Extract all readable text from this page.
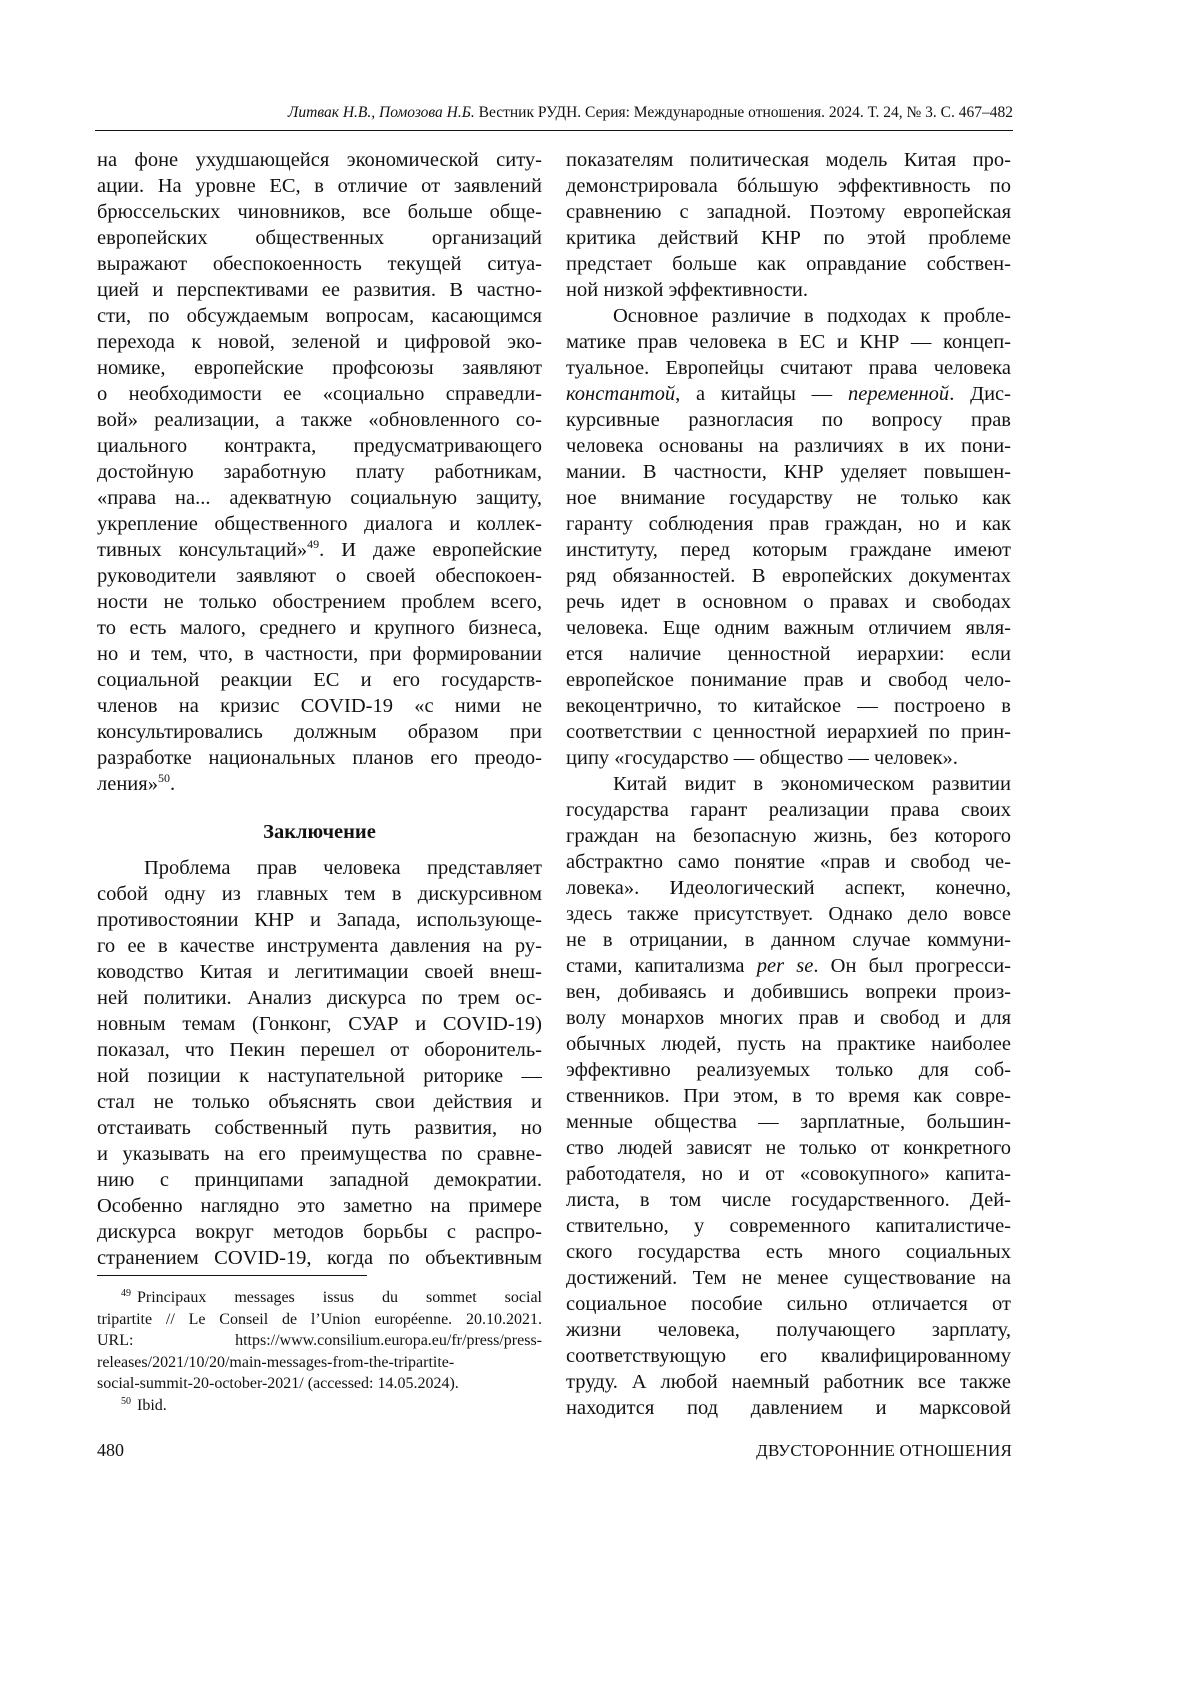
Литвак Н.В., Помозова Н.Б. Вестник РУДН. Серия: Международные отношения. 2024. Т. 24, № 3. С. 467–482
на фоне ухудшающейся экономической ситу-
ации. На уровне ЕС, в отличие от заявлений
брюссельских чиновников, все больше обще-
европейских общественных организаций
выражают обеспокоенность текущей ситуа-
цией и перспективами ее развития. В частно-
сти, по обсуждаемым вопросам, касающимся
перехода к новой, зеленой и цифровой эко-
номике, европейские профсоюзы заявляют
о необходимости ее «социально справедли-
вой» реализации, а также «обновленного со-
циального контракта, предусматривающего
достойную заработную плату работникам,
«права на... адекватную социальную защиту,
укрепление общественного диалога и коллек-
тивных консультаций»49. И даже европейские
руководители заявляют о своей обеспокоен-
ности не только обострением проблем всего,
то есть малого, среднего и крупного бизнеса,
но и тем, что, в частности, при формировании
социальной реакции ЕС и его государств-
членов на кризис COVID-19 «с ними не
консультировались должным образом при
разработке национальных планов его преодо-
ления»50.
Заключение
Проблема прав человека представляет
собой одну из главных тем в дискурсивном
противостоянии КНР и Запада, использующе-
го ее в качестве инструмента давления на ру-
ководство Китая и легитимации своей внеш-
ней политики. Анализ дискурса по трем ос-
новным темам (Гонконг, СУАР и COVID-19)
показал, что Пекин перешел от оборонитель-
ной позиции к наступательной риторике —
стал не только объяснять свои действия и
отстаивать собственный путь развития, но
и указывать на его преимущества по сравне-
нию с принципами западной демократии.
Особенно наглядно это заметно на примере
дискурса вокруг методов борьбы с распро-
странением COVID-19, когда по объективным
49 Principaux messages issus du sommet social
tripartite // Le Conseil de l’Union européenne. 20.10.2021.
URL: https://www.consilium.europa.eu/fr/press/press-
releases/2021/10/20/main-messages-from-the-tripartite-
social-summit-20-october-2021/ (accessed: 14.05.2024).
50 Ibid.
показателям политическая модель Китая про-
демонстрировала бóльшую эффективность по
сравнению с западной. Поэтому европейская
критика действий КНР по этой проблеме
предстает больше как оправдание собствен-
ной низкой эффективности.
Основное различие в подходах к пробле-
матике прав человека в ЕС и КНР — концеп-
туальное. Европейцы считают права человека
константой, а китайцы — переменной. Дис-
курсивные разногласия по вопросу прав
человека основаны на различиях в их пони-
мании. В частности, КНР уделяет повышен-
ное внимание государству не только как
гаранту соблюдения прав граждан, но и как
институту, перед которым граждане имеют
ряд обязанностей. В европейских документах
речь идет в основном о правах и свободах
человека. Еще одним важным отличием явля-
ется наличие ценностной иерархии: если
европейское понимание прав и свобод чело-
векоцентрично, то китайское — построено в
соответствии с ценностной иерархией по прин-
ципу «государство — общество — человек».
Китай видит в экономическом развитии
государства гарант реализации права своих
граждан на безопасную жизнь, без которого
абстрактно само понятие «прав и свобод че-
ловека». Идеологический аспект, конечно,
здесь также присутствует. Однако дело вовсе
не в отрицании, в данном случае коммуни-
стами, капитализма per se. Он был прогресси-
вен, добиваясь и добившись вопреки произ-
волу монархов многих прав и свобод и для
обычных людей, пусть на практике наиболее
эффективно реализуемых только для соб-
ственников. При этом, в то время как совре-
менные общества — зарплатные, большин-
ство людей зависят не только от конкретного
работодателя, но и от «совокупного» капита-
листа, в том числе государственного. Дей-
ствительно, у современного капиталистиче-
ского государства есть много социальных
достижений. Тем не менее существование на
социальное пособие сильно отличается от
жизни человека, получающего зарплату,
соответствующую его квалифицированному
труду. А любой наемный работник все также
находится под давлением и марксовой
480	ДВУСТОРОННИЕ ОТНОШЕНИЯ
